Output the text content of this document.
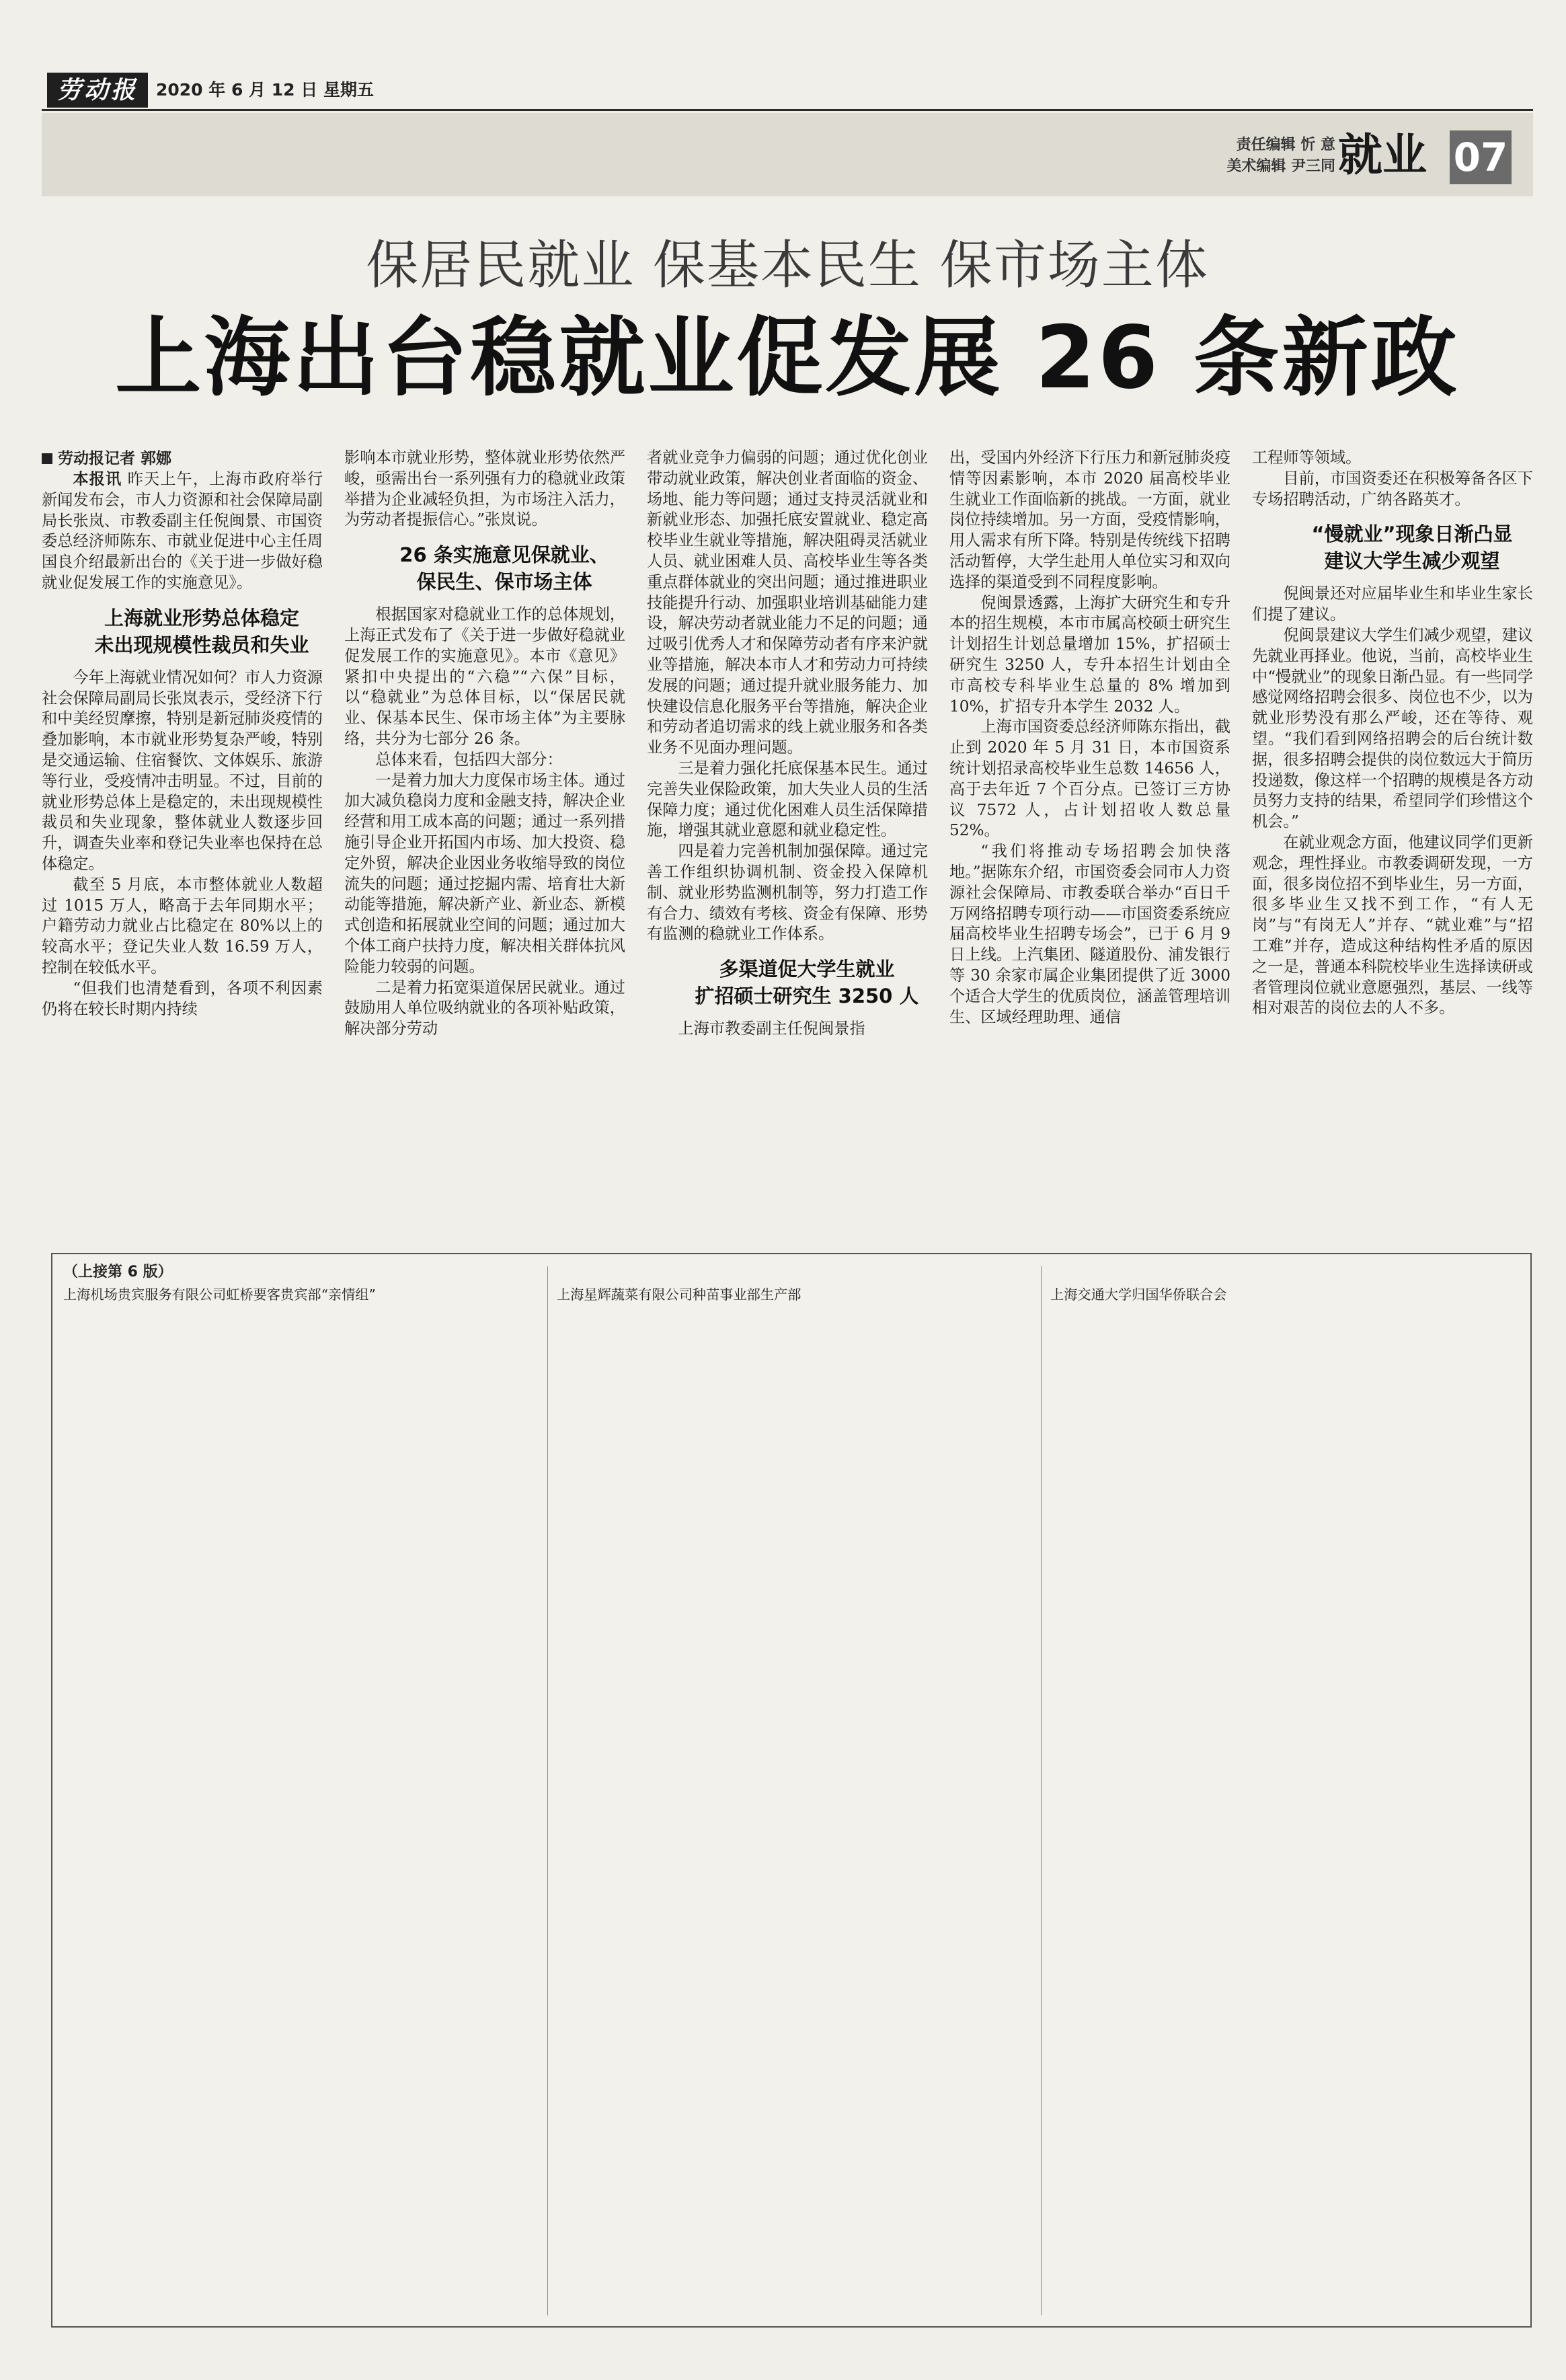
劳动报	2020 年 6 月 12 日 星期五
责任编辑 忻 意
美术编辑 尹三同 就业 07
保居民就业 保基本民生 保市场主体
上海出台稳就业促发展 26 条新政
劳动报记者 郭娜

本报讯 昨天上午，上海市政府举行新闻发布会，市人力资源和社会保障局副局长张岚、市教委副主任倪闽景、市国资委总经济师陈东、市就业促进中心主任周国良介绍最新出台的《关于进一步做好稳就业促发展工作的实施意见》。

上海就业形势总体稳定
未出现规模性裁员和失业

今年上海就业情况如何？市人力资源社会保障局副局长张岚表示，受经济下行和中美经贸摩擦，特别是新冠肺炎疫情的叠加影响，本市就业形势复杂严峻，特别是交通运输、住宿餐饮、文体娱乐、旅游等行业，受疫情冲击明显。不过，目前的就业形势总体上是稳定的，未出现规模性裁员和失业现象，整体就业人数逐步回升，调查失业率和登记失业率也保持在总体稳定。

截至 5 月底，本市整体就业人数超过 1015 万人，略高于去年同期水平；户籍劳动力就业占比稳定在 80%以上的较高水平；登记失业人数 16.59 万人，控制在较低水平。

“但我们也清楚看到，各项不利因素仍将在较长时期内持续

影响本市就业形势，整体就业形势依然严峻，亟需出台一系列强有力的稳就业政策举措为企业减轻负担，为市场注入活力，为劳动者提振信心。”张岚说。

26 条实施意见保就业、
保民生、保市场主体

根据国家对稳就业工作的总体规划，上海正式发布了《关于进一步做好稳就业促发展工作的实施意见》。本市《意见》紧扣中央提出的“六稳”“六保”目标，以“稳就业”为总体目标，以“保居民就业、保基本民生、保市场主体”为主要脉络，共分为七部分 26 条。

总体来看，包括四大部分：

一是着力加大力度保市场主体。通过加大减负稳岗力度和金融支持，解决企业经营和用工成本高的问题；通过一系列措施引导企业开拓国内市场、加大投资、稳定外贸，解决企业因业务收缩导致的岗位流失的问题；通过挖掘内需、培育壮大新动能等措施，解决新产业、新业态、新模式创造和拓展就业空间的问题；通过加大个体工商户扶持力度，解决相关群体抗风险能力较弱的问题。

二是着力拓宽渠道保居民就业。通过鼓励用人单位吸纳就业的各项补贴政策，解决部分劳动

者就业竞争力偏弱的问题；通过优化创业带动就业政策，解决创业者面临的资金、场地、能力等问题；通过支持灵活就业和新就业形态、加强托底安置就业、稳定高校毕业生就业等措施，解决阻碍灵活就业人员、就业困难人员、高校毕业生等各类重点群体就业的突出问题；通过推进职业技能提升行动、加强职业培训基础能力建设，解决劳动者就业能力不足的问题；通过吸引优秀人才和保障劳动者有序来沪就业等措施，解决本市人才和劳动力可持续发展的问题；通过提升就业服务能力、加快建设信息化服务平台等措施，解决企业和劳动者追切需求的线上就业服务和各类业务不见面办理问题。

三是着力强化托底保基本民生。通过完善失业保险政策，加大失业人员的生活保障力度；通过优化困难人员生活保障措施，增强其就业意愿和就业稳定性。

四是着力完善机制加强保障。通过完善工作组织协调机制、资金投入保障机制、就业形势监测机制等，努力打造工作有合力、绩效有考核、资金有保障、形势有监测的稳就业工作体系。

多渠道促大学生就业
扩招硕士研究生 3250 人

上海市教委副主任倪闽景指

出，受国内外经济下行压力和新冠肺炎疫情等因素影响，本市 2020 届高校毕业生就业工作面临新的挑战。一方面，就业岗位持续增加。另一方面，受疫情影响，用人需求有所下降。特别是传统线下招聘活动暂停，大学生赴用人单位实习和双向选择的渠道受到不同程度影响。

倪闽景透露，上海扩大研究生和专升本的招生规模，本市市属高校硕士研究生计划招生计划总量增加 15%，扩招硕士研究生 3250 人，专升本招生计划由全市高校专科毕业生总量的 8% 增加到 10%，扩招专升本学生 2032 人。

上海市国资委总经济师陈东指出，截止到 2020 年 5 月 31 日，本市国资系统计划招录高校毕业生总数 14656 人，高于去年近 7 个百分点。已签订三方协议 7572 人，占计划招收人数总量 52%。

“我们将推动专场招聘会加快落地。”据陈东介绍，市国资委会同市人力资源社会保障局、市教委联合举办“百日千万网络招聘专项行动——市国资委系统应届高校毕业生招聘专场会”，已于 6 月 9 日上线。上汽集团、隧道股份、浦发银行等 30 余家市属企业集团提供了近 3000 个适合大学生的优质岗位，涵盖管理培训生、区域经理助理、通信

工程师等领域。

目前，市国资委还在积极筹备各区下专场招聘活动，广纳各路英才。

“慢就业”现象日渐凸显
建议大学生减少观望

倪闽景还对应届毕业生和毕业生家长们提了建议。

倪闽景建议大学生们减少观望，建议先就业再择业。他说，当前，高校毕业生中“慢就业”的现象日渐凸显。有一些同学感觉网络招聘会很多、岗位也不少，以为就业形势没有那么严峻，还在等待、观望。“我们看到网络招聘会的后台统计数据，很多招聘会提供的岗位数远大于简历投递数，像这样一个招聘的规模是各方动员努力支持的结果，希望同学们珍惜这个机会。”

在就业观念方面，他建议同学们更新观念，理性择业。市教委调研发现，一方面，很多岗位招不到毕业生，另一方面，很多毕业生又找不到工作，“有人无岗”与“有岗无人”并存、“就业难”与“招工难”并存，造成这种结构性矛盾的原因之一是，普通本科院校毕业生选择读研或者管理岗位就业意愿强烈，基层、一线等相对艰苦的岗位去的人不多。

（上接第 6 版）
上海机场贵宾服务有限公司虹桥要客贵宾部“亲情组”	上海星辉蔬菜有限公司种苗事业部生产部	上海交通大学归国华侨联合会
